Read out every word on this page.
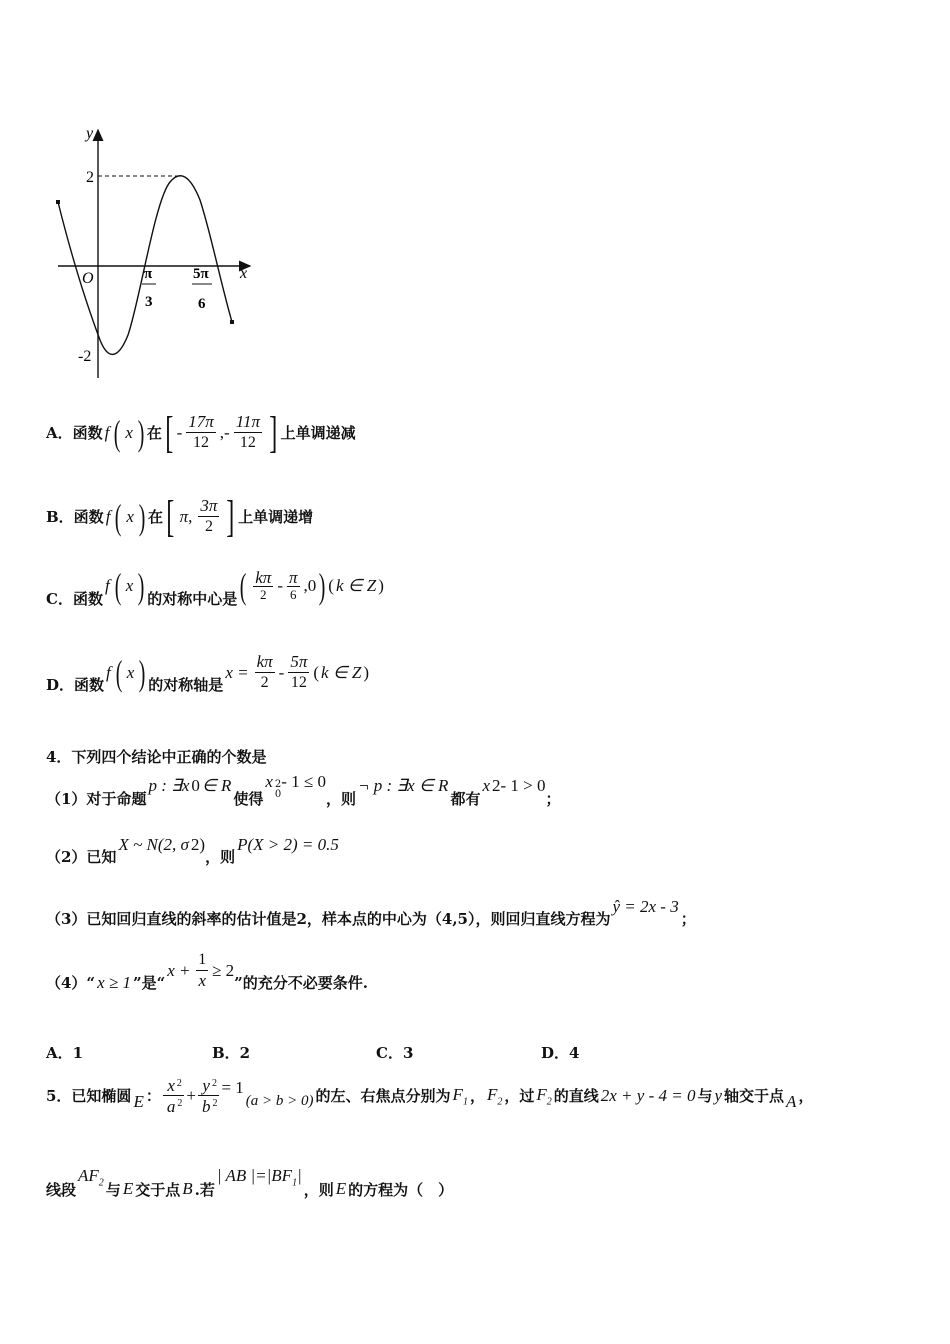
y
x
O
2
-2
π
3
5π
6
A．函数 f ( x ) 在 [ - $\frac{17\pi}{12}$ , - $\frac{11\pi}{12}$ ] 上单调递减
B．函数 f ( x ) 在 [ π, $\frac{3\pi}{2}$ ] 上单调递增
C．函数
f ( x ) 的对称中心是 ( $\frac{k\pi}{2} - \frac{\pi}{6} ,0$ ) ( k ∈ Z )
D．函数
f ( x ) 的对称轴是
$x = \frac{k\pi}{2} - \frac{5\pi}{12}$ ( k ∈ Z )
4．下列四个结论中正确的个数是
（1）对于命题
p : ∃x 0 ∈ R
使得
x 2
0
- 1 ≤ 0
，则
¬ p : ∃x ∈ R
都有
x 2 - 1 > 0
；
（2）已知
X ~ N(2, σ 2 )
，则
P(X > 2) = 0.5
（3）已知回归直线的斜率的估计值是2，样本点的中心为（4,5），则回归直线方程为
ŷ = 2x - 3
；
（4）“ x ≥ 1 ”是“
$x + \frac{1}{x} \ge 2$
”的充分不必要条件.
A．1	B．2	C．3	D．4
5．已知椭圆 E ： $\frac{x ^2}{a ^2} + \frac{y ^2}{b ^2} = 1$
(a > b > 0) 的左、右焦点分别为 $F_1$ ， $F_2$ ，过 $F_2$ 的直线 2x + y - 4 = 0 与 y 轴交于点 A ，
线段
$AF_2$ 与 E 交于点 B .若
| AB $|=|BF_1|$
，则 E 的方程为（　）
